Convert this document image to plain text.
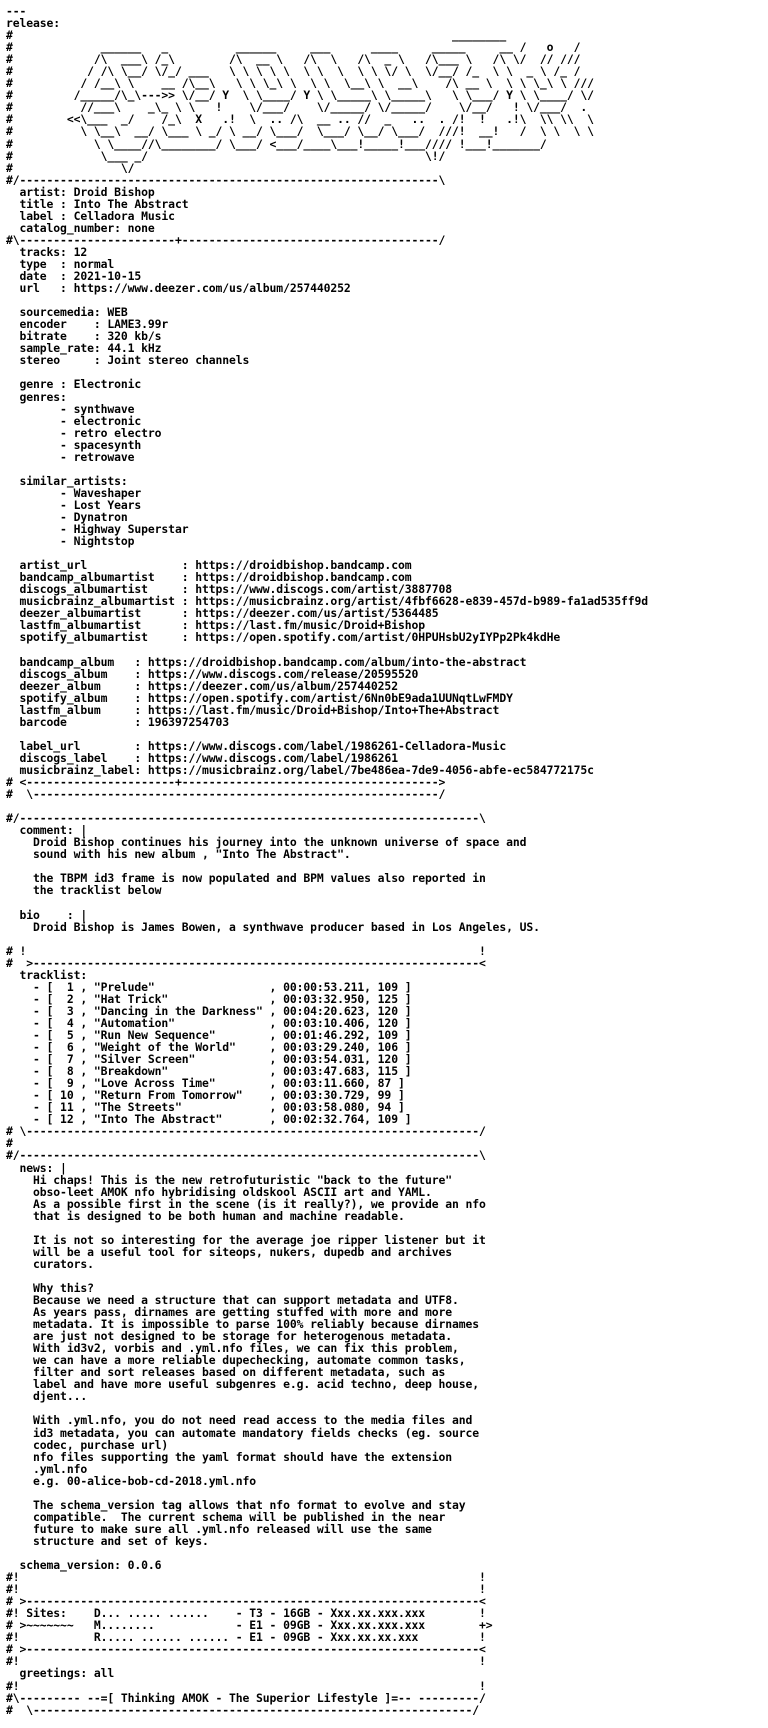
---
release:
#                                                                 ________
#             ______   _          ______     ___      ____     _____     __ /   o   /
#            /\  ___\ /_\        /\  __ \   /\  \   /\  _ \   /\___ \   /\ \/  // ///
#           / /\ \__/ \/_/ ___   \ \ \ \ \  \ \  \  \ \ \/ \  \/__/ /_  \ \  _ \ /_ /
#          / /__\ \    __ /\__\   \ \ \_\ \  \ \  \__\ \  __\    /\ __ \  \ \ \_\ \ ///
#         /_____/\_\--->> \/__/ Y  \ \____/ Y \ \_____\ \_____\   \ \___/ Y \ \____/ \/
#          //___\    _\_ \ \   !    \/___/    \/_____/ \/_____/    \/__/   ! \/___/  .
#        <<\___  _/    /_\  X   .!  \  .. /\  __ .. //  _   ..  . /!  !   .!\  \\ \\  \
#          \ \__\  __/ \___ \ _/ \ __/ \___/  \___/ \__/ \___/  ///!  __!   /  \ \  \ \
#            \ \____//\________/ \___/ <___/____\___!_____!___//// !___!_______/
#             \___ _/                                         \!/
#                \/
#/--------------------------------------------------------------\
artist: Droid Bishop
title : Into The Abstract
label : Celladora Music
catalog_number: none
#\-----------------------+--------------------------------------/
tracks: 12
type  : normal
date  : 2021-10-15
url   : https://www.deezer.com/us/album/257440252

sourcemedia: WEB
encoder    : LAME3.99r
bitrate    : 320 kb/s
sample_rate: 44.1 kHz
stereo     : Joint stereo channels

genre : Electronic
genres:
- synthwave
- electronic
- retro electro
- spacesynth
- retrowave

similar_artists:
- Waveshaper
- Lost Years
- Dynatron
- Highway Superstar
- Nightstop

artist_url              : https://droidbishop.bandcamp.com
bandcamp_albumartist    : https://droidbishop.bandcamp.com
discogs_albumartist     : https://www.discogs.com/artist/3887708
musicbrainz_albumartist : https://musicbrainz.org/artist/4fbf6628-e839-457d-b989-fa1ad535ff9d
deezer_albumartist      : https://deezer.com/us/artist/5364485
lastfm_albumartist      : https://last.fm/music/Droid+Bishop
spotify_albumartist     : https://open.spotify.com/artist/0HPUHsbU2yIYPp2Pk4kdHe

bandcamp_album   : https://droidbishop.bandcamp.com/album/into-the-abstract
discogs_album    : https://www.discogs.com/release/20595520
deezer_album     : https://deezer.com/us/album/257440252
spotify_album    : https://open.spotify.com/artist/6Nn0bE9ada1UUNqtLwFMDY
lastfm_album     : https://last.fm/music/Droid+Bishop/Into+The+Abstract
barcode          : 196397254703

label_url        : https://www.discogs.com/label/1986261-Celladora-Music
discogs_label    : https://www.discogs.com/label/1986261
musicbrainz_label: https://musicbrainz.org/label/7be486ea-7de9-4056-abfe-ec584772175c
# <----------------------+-------------------------------------->
#  \------------------------------------------------------------/

#/--------------------------------------------------------------------\
comment: |
Droid Bishop continues his journey into the unknown universe of space and
sound with his new album , "Into The Abstract".

the TBPM id3 frame is now populated and BPM values also reported in
the tracklist below

bio    : |
Droid Bishop is James Bowen, a synthwave producer based in Los Angeles, US.

# !                                                                   !
#  >------------------------------------------------------------------<
tracklist:
- [  1 , "Prelude"                 , 00:00:53.211, 109 ]
- [  2 , "Hat Trick"               , 00:03:32.950, 125 ]
- [  3 , "Dancing in the Darkness" , 00:04:20.623, 120 ]
- [  4 , "Automation"              , 00:03:10.406, 120 ]
- [  5 , "Run New Sequence"        , 00:01:46.292, 109 ]
- [  6 , "Weight of the World"     , 00:03:29.240, 106 ]
- [  7 , "Silver Screen"           , 00:03:54.031, 120 ]
- [  8 , "Breakdown"               , 00:03:47.683, 115 ]
- [  9 , "Love Across Time"        , 00:03:11.660, 87 ]
- [ 10 , "Return From Tomorrow"    , 00:03:30.729, 99 ]
- [ 11 , "The Streets"             , 00:03:58.080, 94 ]
- [ 12 , "Into The Abstract"       , 00:02:32.764, 109 ]
# \-------------------------------------------------------------------/
#
#/--------------------------------------------------------------------\
news: |
Hi chaps! This is the new retrofuturistic "back to the future"
obso-leet AMOK nfo hybridising oldskool ASCII art and YAML.
As a possible first in the scene (is it really?), we provide an nfo
that is designed to be both human and machine readable.

It is not so interesting for the average joe ripper listener but it
will be a useful tool for siteops, nukers, dupedb and archives
curators.

Why this?
Because we need a structure that can support metadata and UTF8.
As years pass, dirnames are getting stuffed with more and more
metadata. It is impossible to parse 100% reliably because dirnames
are just not designed to be storage for heterogenous metadata.
With id3v2, vorbis and .yml.nfo files, we can fix this problem,
we can have a more reliable dupechecking, automate common tasks,
filter and sort releases based on different metadata, such as
label and have more useful subgenres e.g. acid techno, deep house,
djent...

With .yml.nfo, you do not need read access to the media files and
id3 metadata, you can automate mandatory fields checks (eg. source
codec, purchase url)
nfo files supporting the yaml format should have the extension
.yml.nfo
e.g. 00-alice-bob-cd-2018.yml.nfo

The schema_version tag allows that nfo format to evolve and stay
compatible.  The current schema will be published in the near
future to make sure all .yml.nfo released will use the same
structure and set of keys.

schema_version: 0.0.6
#!                                                                    !
#!                                                                    !
# >-------------------------------------------------------------------<
#! Sites:    D... ..... ......    - T3 - 16GB - Xxx.xx.xxx.xxx        !
# >~~~~~~~   M........            - E1 - 09GB - Xxx.xx.xxx.xxx        +>
#!           R..... ...... ...... - E1 - 09GB - Xxx.xx.xx.xxx         !
# >-------------------------------------------------------------------<
#!                                                                    !
greetings: all
#!                                                                    !
#\--------- --=[ Thinking AMOK - The Superior Lifestyle ]=-- ---------/
#  \-----------------------------------------------------------------/
